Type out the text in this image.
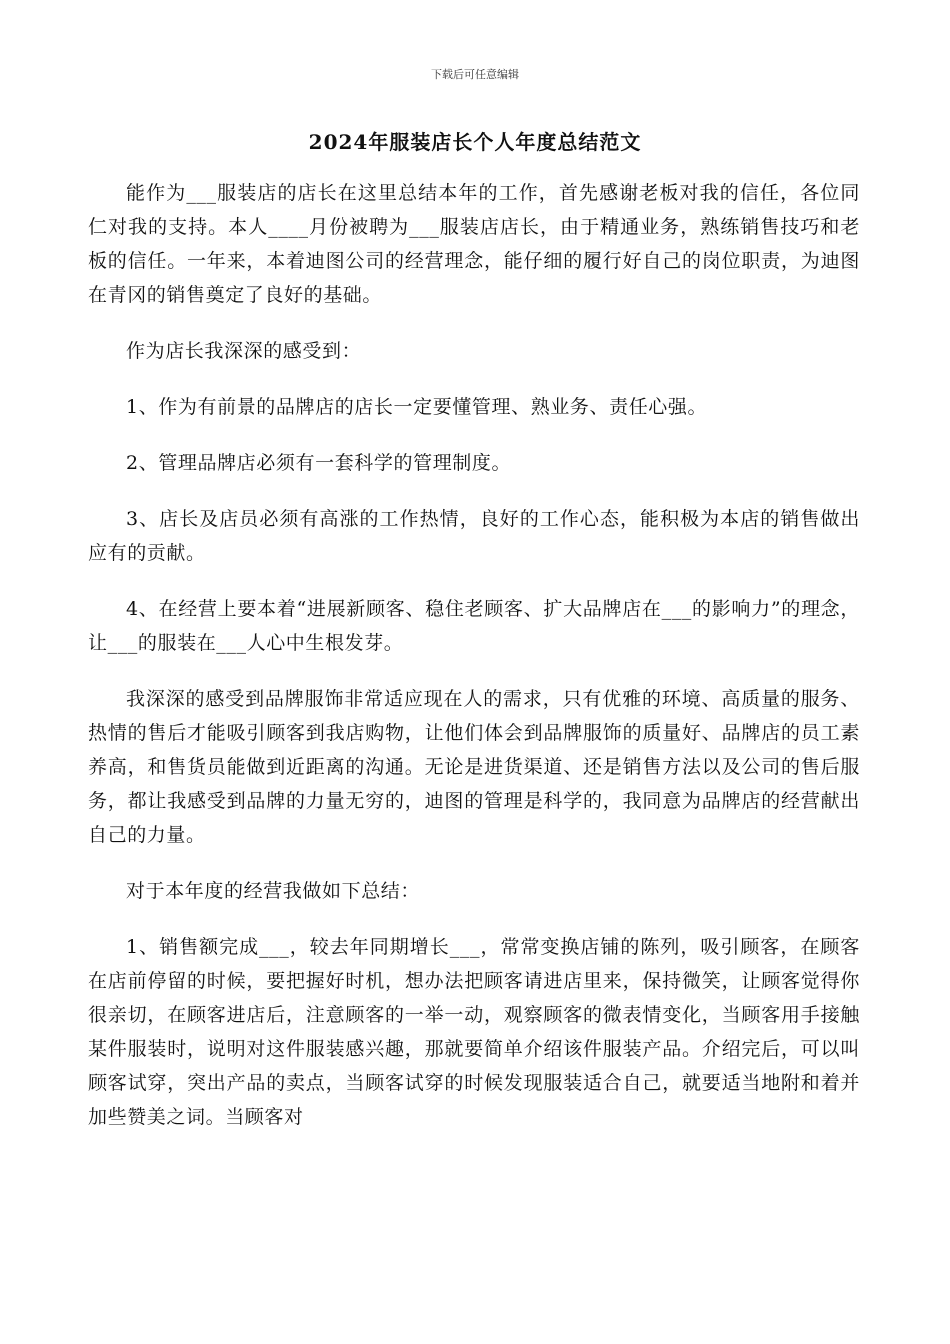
下载后可任意编辑
2024年服装店长个人年度总结范文

能作为___服装店的店长在这里总结本年的工作，首先感谢老板对我的信任，各位同仁对我的支持。本人____月份被聘为___服装店店长，由于精通业务，熟练销售技巧和老板的信任。一年来，本着迪图公司的经营理念，能仔细的履行好自己的岗位职责，为迪图在青冈的销售奠定了良好的基础。

作为店长我深深的感受到：

1、作为有前景的品牌店的店长一定要懂管理、熟业务、责任心强。

2、管理品牌店必须有一套科学的管理制度。

3、店长及店员必须有高涨的工作热情，良好的工作心态，能积极为本店的销售做出应有的贡献。

4、在经营上要本着“进展新顾客、稳住老顾客、扩大品牌店在___的影响力”的理念，让___的服装在___人心中生根发芽。

我深深的感受到品牌服饰非常适应现在人的需求，只有优雅的环境、高质量的服务、热情的售后才能吸引顾客到我店购物，让他们体会到品牌服饰的质量好、品牌店的员工素养高，和售货员能做到近距离的沟通。无论是进货渠道、还是销售方法以及公司的售后服务，都让我感受到品牌的力量无穷的，迪图的管理是科学的，我同意为品牌店的经营献出自己的力量。

对于本年度的经营我做如下总结：

1、销售额完成___，较去年同期增长___，常常变换店铺的陈列，吸引顾客，在顾客在店前停留的时候，要把握好时机，想办法把顾客请进店里来，保持微笑，让顾客觉得你很亲切，在顾客进店后，注意顾客的一举一动，观察顾客的微表情变化，当顾客用手接触某件服装时，说明对这件服装感兴趣，那就要简单介绍该件服装产品。介绍完后，可以叫顾客试穿，突出产品的卖点，当顾客试穿的时候发现服装适合自己，就要适当地附和着并加些赞美之词。当顾客对
